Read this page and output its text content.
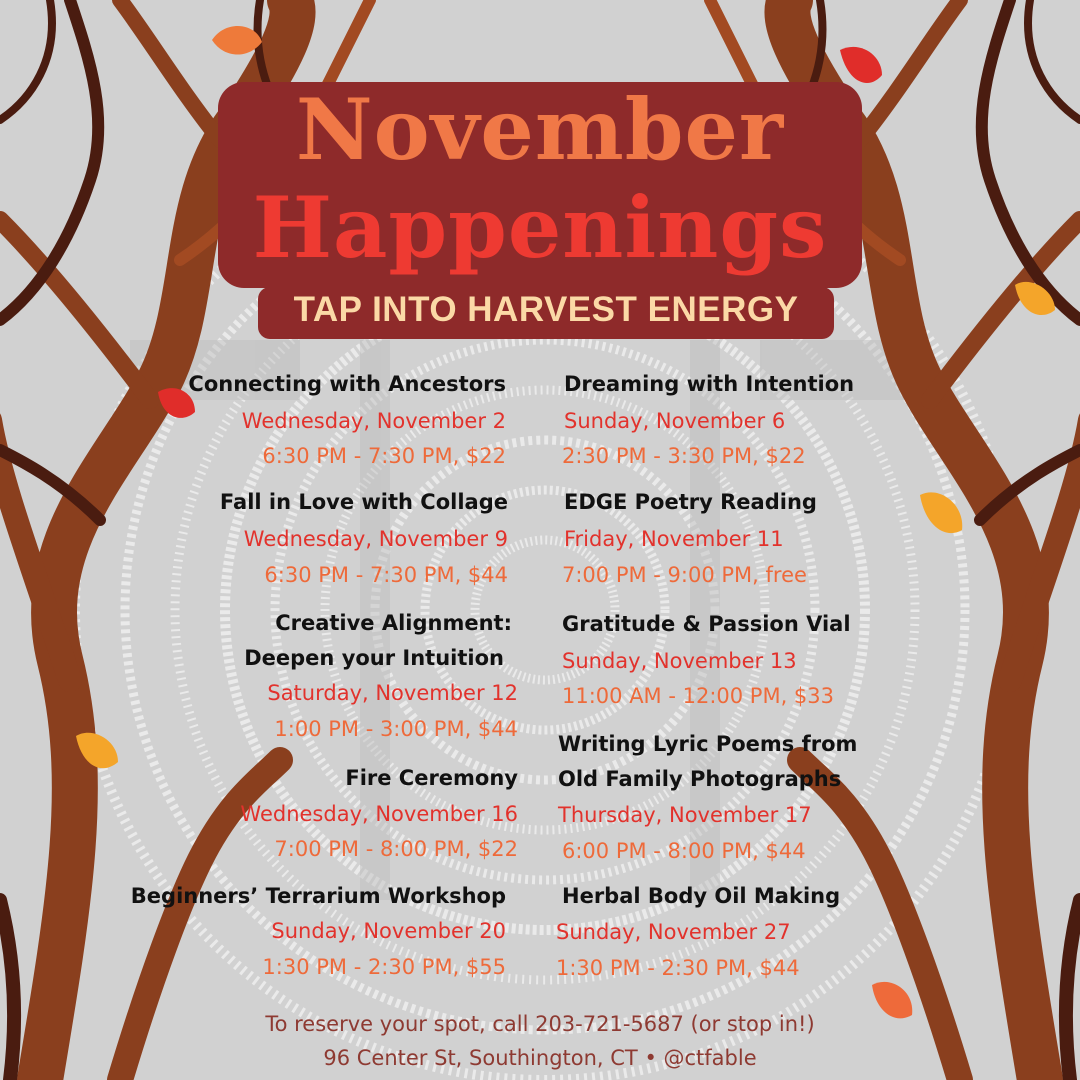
November
Happenings
TAP INTO HARVEST ENERGY
Connecting with Ancestors
Wednesday, November 2
6:30 PM - 7:30 PM, $22
Fall in Love with Collage
Wednesday, November 9
6:30 PM - 7:30 PM, $44
Creative Alignment:
Deepen your Intuition
Saturday, November 12
1:00 PM - 3:00 PM, $44
Fire Ceremony
Wednesday, November 16
7:00 PM - 8:00 PM, $22
Beginners’ Terrarium Workshop
Sunday, November 20
1:30 PM - 2:30 PM, $55
Dreaming with Intention
Sunday, November 6
2:30 PM - 3:30 PM, $22
EDGE Poetry Reading
Friday, November 11
7:00 PM - 9:00 PM, free
Gratitude & Passion Vial
Sunday, November 13
11:00 AM - 12:00 PM, $33
Writing Lyric Poems from
Old Family Photographs
Thursday, November 17
6:00 PM - 8:00 PM, $44
Herbal Body Oil Making
Sunday, November 27
1:30 PM - 2:30 PM, $44
To reserve your spot, call 203-721-5687 (or stop in!)
96 Center St, Southington, CT • @ctfable
